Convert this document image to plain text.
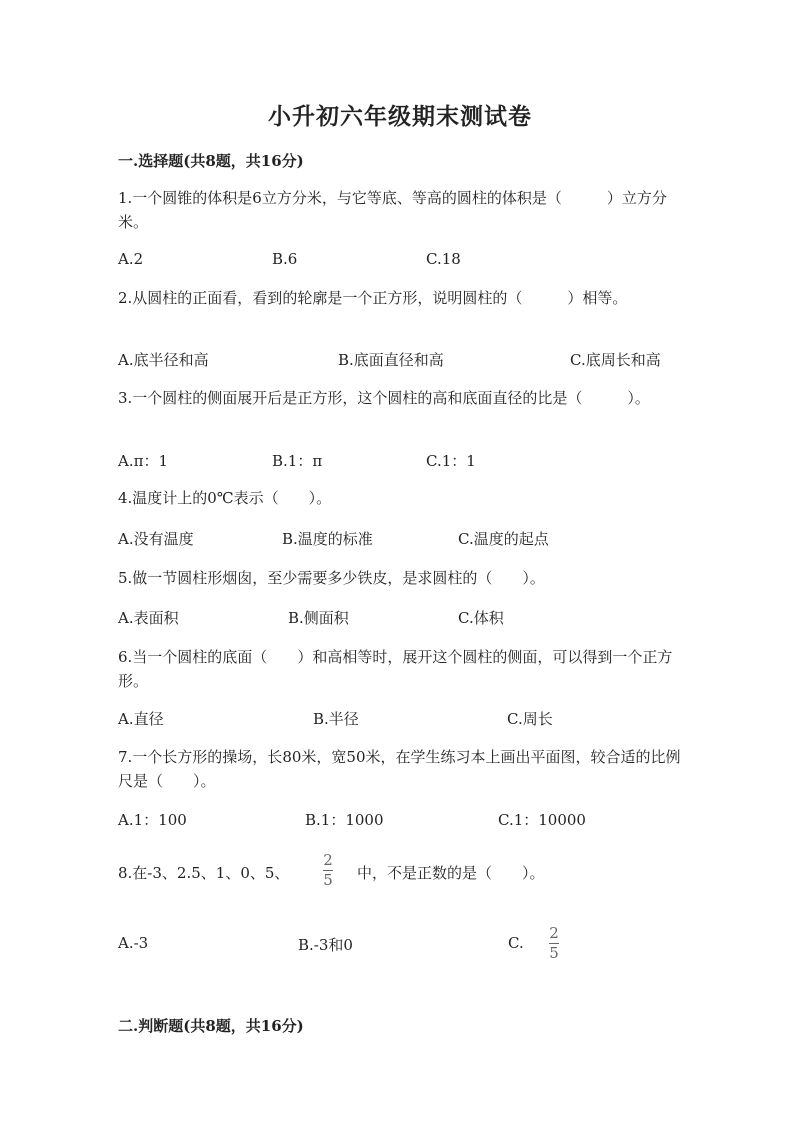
小升初六年级期末测试卷
一.选择题(共8题，共16分)
1.一个圆锥的体积是6立方分米，与它等底、等高的圆柱的体积是（　　　）立方分米。
A.2	B.6	C.18
2.从圆柱的正面看，看到的轮廓是一个正方形，说明圆柱的（　　　）相等。
A.底半径和高	B.底面直径和高	C.底周长和高
3.一个圆柱的侧面展开后是正方形，这个圆柱的高和底面直径的比是（　　　）。
A.π：1	B.1：π	C.1：1
4.温度计上的0℃表示（　　）。
A.没有温度	B.温度的标准	C.温度的起点
5.做一节圆柱形烟囱，至少需要多少铁皮，是求圆柱的（　　）。
A.表面积	B.侧面积	C.体积
6.当一个圆柱的底面（　　）和高相等时，展开这个圆柱的侧面，可以得到一个正方形。
A.直径	B.半径	C.周长
7.一个长方形的操场，长80米，宽50米，在学生练习本上画出平面图，较合适的比例尺是（　　）。
A.1：100	B.1：1000	C.1：10000
8.在-3、2.5、1、0、5、
2
5	中，不是正数的是（　　）。
A.-3	B.-3和0	C.
2
5
二.判断题(共8题，共16分)
